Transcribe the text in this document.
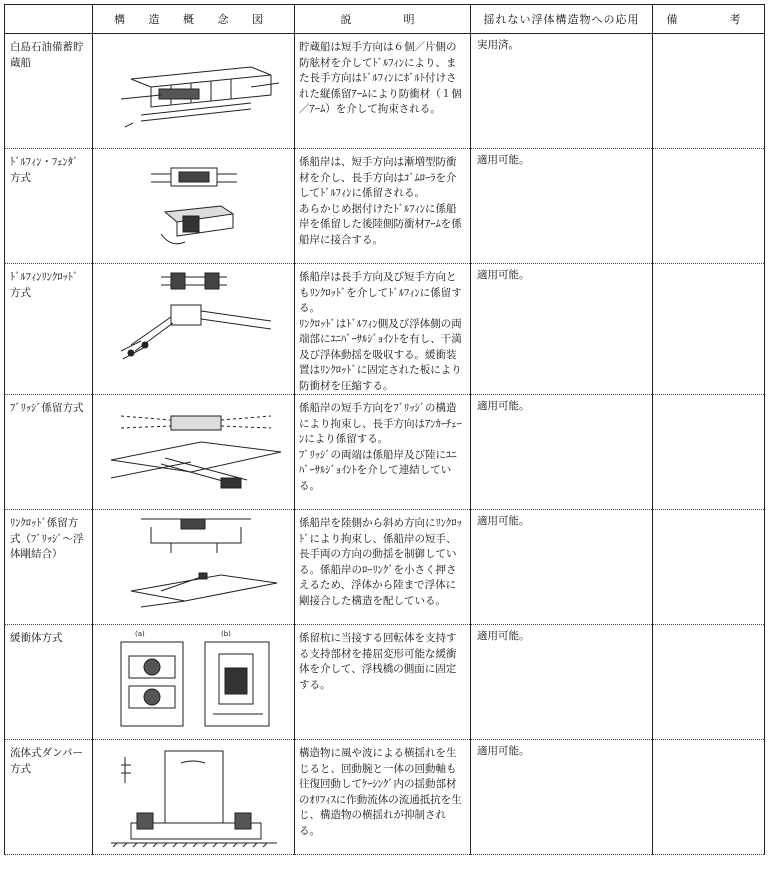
	構 造 概 念 図	説　　明	揺れない浮体構造物への応用	備　　考

白島石油備蓄貯蔵船		貯蔵船は短手方向は６個／片側の防舷材を介してﾄﾞﾙﾌｨﾝにより、また長手方向はﾄﾞﾙﾌｨﾝにﾎﾞﾙﾄ付けされた縦係留ｱｰﾑにより防衝材（１個／ｱｰﾑ）を介して拘束される。	実用済。	

ﾄﾞﾙﾌｨﾝ・ﾌｪﾝﾀﾞ方式		係船岸は、短手方向は漸増型防衝材を介し、長手方向はｺﾞﾑﾛｰﾗを介してﾄﾞﾙﾌｨﾝに係留される。
あらかじめ据付けたﾄﾞﾙﾌｨﾝに係船岸を係留した後陸側防衝材ｱｰﾑを係船岸に接合する。	適用可能。	

ﾄﾞﾙﾌｨﾝﾘﾝｸﾛｯﾄﾞ方式		係船岸は長手方向及び短手方向ともﾘﾝｸﾛｯﾄﾞを介してﾄﾞﾙﾌｨﾝに係留する。
ﾘﾝｸﾛｯﾄﾞはﾄﾞﾙﾌｨﾝ側及び浮体側の両端部にﾕﾆﾊﾞｰｻﾙｼﾞｮｲﾝﾄを有し、干満及び浮体動揺を吸収する。緩衝装置はﾘﾝｸﾛｯﾄﾞに固定された板により防衝材を圧縮する。	適用可能。	

ﾌﾞﾘｯｼﾞ係留方式		係船岸の短手方向をﾌﾞﾘｯｼﾞの構造により拘束し、長手方向はｱﾝｶｰﾁｪｰﾝにより係留する。
ﾌﾞﾘｯｼﾞの両端は係船岸及び陸にﾕﾆﾊﾞｰｻﾙｼﾞｮｲﾝﾄを介して連結している。	適用可能。	

ﾘﾝｸﾛｯﾄﾞ係留方式（ﾌﾞﾘｯｼﾞ～浮体剛結合）		係船岸を陸側から斜め方向にﾘﾝｸﾛｯﾄﾞにより拘束し、係船岸の短手、長手両の方向の動揺を制御している。係船岸のﾛｰﾘﾝｸﾞを小さく押さえるため、浮体から陸まで浮体に剛接合した構造を配している。	適用可能。	

緩衝体方式	(a) (b)	係留杭に当接する回転体を支持する支持部材を捲屈変形可能な緩衝体を介して、浮桟橋の側面に固定する。	適用可能。	

流体式ダンパー方式		構造物に風や波による横揺れを生じると、回動腕と一体の回動軸も往復回動してｹｰｼﾝｸﾞ内の揺動部材のｵﾘﾌｨｽに作動流体の流通抵抗を生じ、構造物の横揺れが抑制される。	適用可能。	
